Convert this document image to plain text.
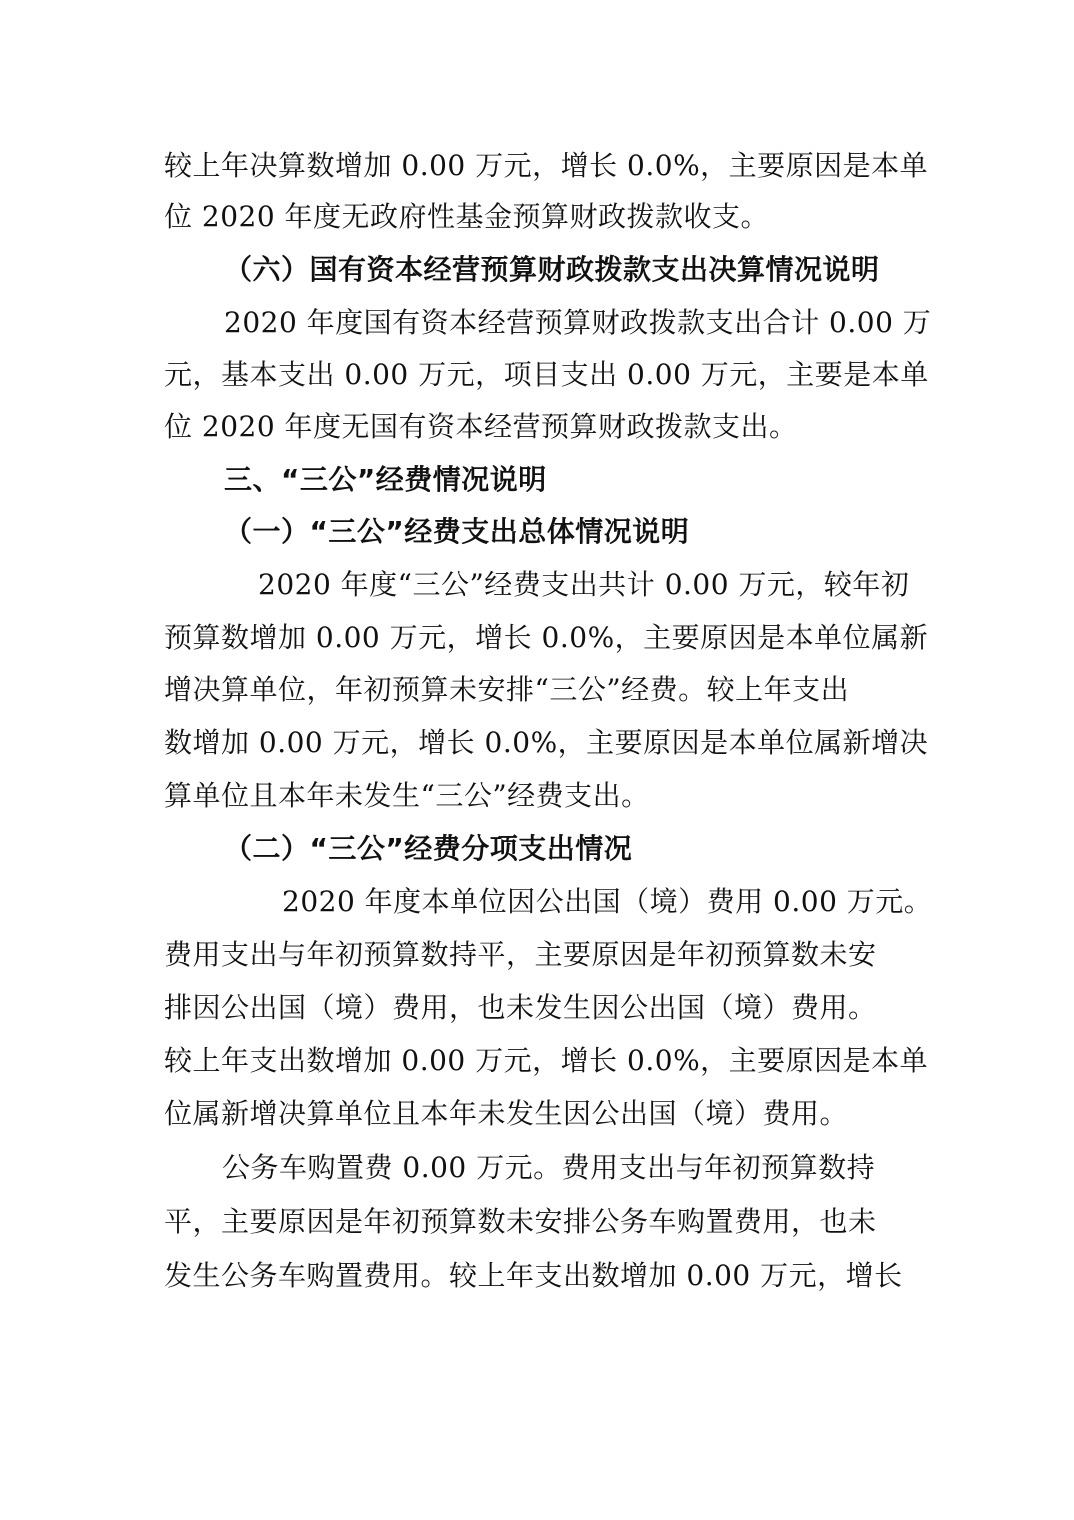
较上年决算数增加 0.00 万元，增长 0.0%，主要原因是本单
位 2020 年度无政府性基金预算财政拨款收支。
（六）国有资本经营预算财政拨款支出决算情况说明
2020 年度国有资本经营预算财政拨款支出合计 0.00 万
元，基本支出 0.00 万元，项目支出 0.00 万元，主要是本单
位 2020 年度无国有资本经营预算财政拨款支出。
三、“三公”经费情况说明
（一）“三公”经费支出总体情况说明
2020 年度“三公”经费支出共计 0.00 万元，较年初
预算数增加 0.00 万元，增长 0.0%，主要原因是本单位属新
增决算单位，年初预算未安排“三公”经费。较上年支出
数增加 0.00 万元，增长 0.0%，主要原因是本单位属新增决
算单位且本年未发生“三公”经费支出。
（二）“三公”经费分项支出情况
2020 年度本单位因公出国（境）费用 0.00 万元。
费用支出与年初预算数持平，主要原因是年初预算数未安
排因公出国（境）费用，也未发生因公出国（境）费用。
较上年支出数增加 0.00 万元，增长 0.0%，主要原因是本单
位属新增决算单位且本年未发生因公出国（境）费用。
公务车购置费 0.00 万元。费用支出与年初预算数持
平，主要原因是年初预算数未安排公务车购置费用，也未
发生公务车购置费用。较上年支出数增加 0.00 万元，增长
